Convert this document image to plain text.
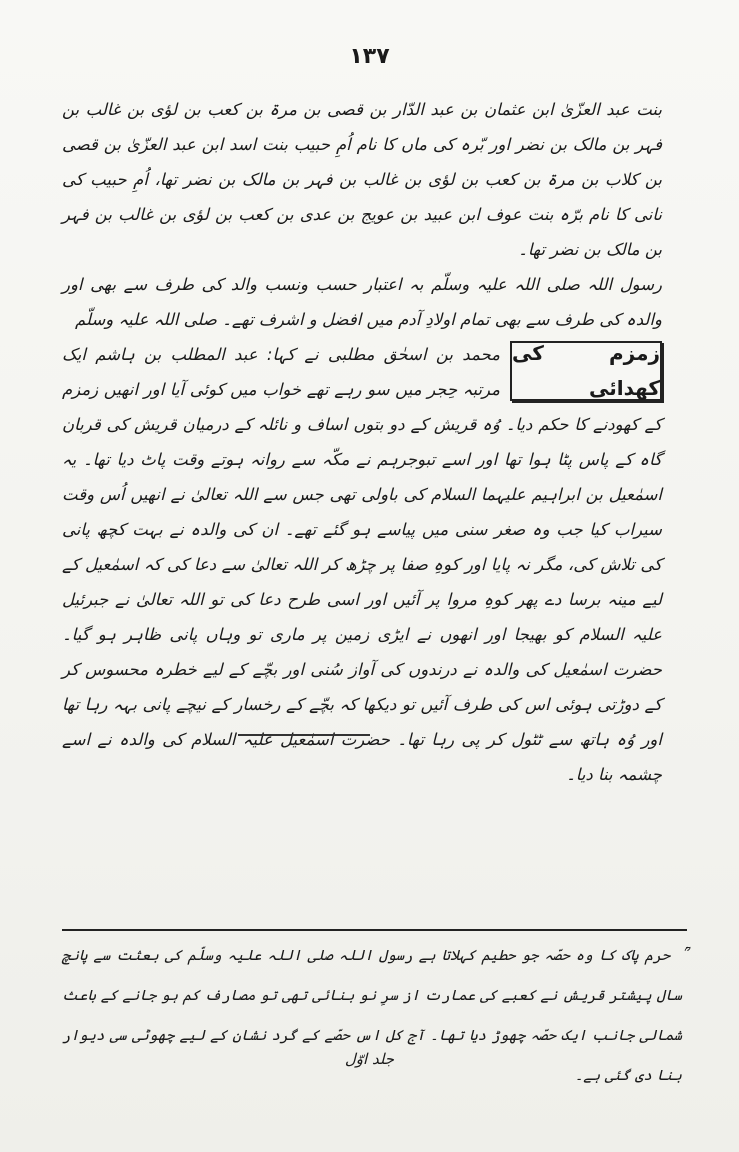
۱۳۷

بنت عبد العزّیٰ ابن عثمان بن عبد الدّار بن قصی بن مرۃ بن کعب بن لؤی بن غالب بن فہر بن مالک بن نضر اور بّرہ کی ماں کا نام اُمِ حبیب بنت اسد ابن عبد العزّیٰ بن قصی بن کلاب بن مرۃ بن کعب بن لؤی بن غالب بن فہر بن مالک بن نضر تھا، اُمِ حبیب کی نانی کا نام برّہ بنت عوف ابن عبید بن عویج بن عدی بن کعب بن لؤی بن غالب بن فہر بن مالک بن نضر تھا۔

رسول اللہ صلی اللہ علیہ وسلّم بہ اعتبار حسب ونسب والد کی طرف سے بھی اور والدہ کی طرف سے بھی تمام اولادِ آدم میں افضل و اشرف تھے۔ صلی اللہ علیہ وسلّم

زمزم کی کھدائی
محمد بن اسحٰق مطلبی نے کہا: عبد المطلب بن ہاشم ایک مرتبہ حِجر میں سو رہے تھے خواب میں کوئی آیا اور انھیں زمزم کے کھودنے کا حکم دیا۔ وُہ قریش کے دو بتوں اساف و نائلہ کے درمیان قریش کی قربان گاہ کے پاس پٹا ہوا تھا اور اسے تبوجرہم نے مکّہ سے روانہ ہوتے وقت پاٹ دیا تھا۔ یہ اسمٰعیل بن ابراہیم علیہما السلام کی باولی تھی جس سے اللہ تعالیٰ نے انھیں اُس وقت سیراب کیا جب وہ صغر سنی میں پیاسے ہو گئے تھے۔ ان کی والدہ نے بہت کچھ پانی کی تلاش کی، مگر نہ پایا اور کوہِ صفا پر چڑھ کر اللہ تعالیٰ سے دعا کی کہ اسمٰعیل کے لیے مینہ برسا دے پھر کوہِ مروا پر آئیں اور اسی طرح دعا کی تو اللہ تعالیٰ نے جبرئیل علیہ السلام کو بھیجا اور انھوں نے ایڑی زمین پر ماری تو وہاں پانی ظاہر ہو گیا۔ حضرت اسمٰعیل کی والدہ نے درندوں کی آواز سُنی اور بچّے کے لیے خطرہ محسوس کر کے دوڑتی ہوئی اس کی طرف آئیں تو دیکھا کہ بچّے کے رخسار کے نیچے پانی بہہ رہا تھا اور وُہ ہاتھ سے ٹٹول کر پی رہا تھا۔ حضرت اسمٰعیل علیہ السلام کی والدہ نے اسے چشمہ بنا دیا۔

حرم پاک کا وہ حصّہ جو حطیم کہلاتا ہے رسول اللہ صلی اللہ علیہ وسلّم کی بعثت سے پانچ سال پیشتر قریش نے کعبے کی عمارت از سرِ نو بنائی تھی تو مصارف کم ہو جانے کے باعث شمالی جانب ایک حصّہ چھوڑ دیا تھا۔ آج کل اس حصّے کے گرد نشان کے لیے چھوٹی سی دیوار بنا دی گئی ہے۔
جلد اوّل
